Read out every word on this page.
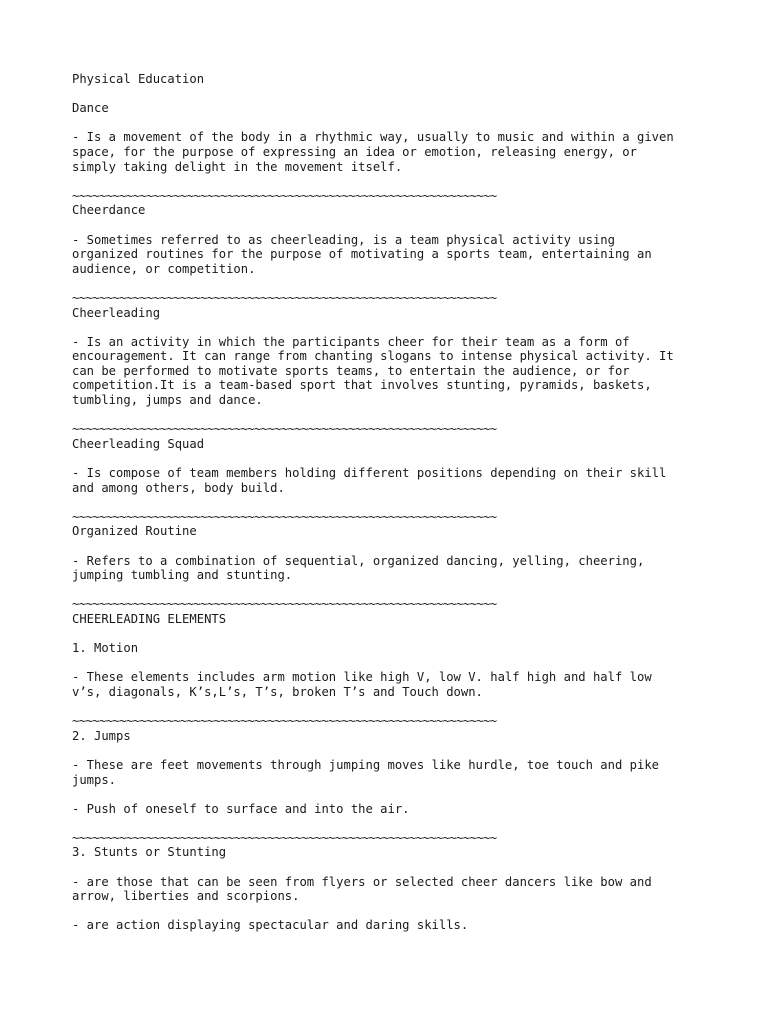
Physical Education
Dance
- Is a movement of the body in a rhythmic way, usually to music and within a given
space, for the purpose of expressing an idea or emotion, releasing energy, or
simply taking delight in the movement itself.
~~~~~~~~~~~~~~~~~~~~~~~~~~~~~~~~~~~~~~~~~~~~~~~~~~~~~~~~~~~~~~~
Cheerdance
- Sometimes referred to as cheerleading, is a team physical activity using
organized routines for the purpose of motivating a sports team, entertaining an
audience, or competition.
~~~~~~~~~~~~~~~~~~~~~~~~~~~~~~~~~~~~~~~~~~~~~~~~~~~~~~~~~~~~~~~
Cheerleading
- Is an activity in which the participants cheer for their team as a form of
encouragement. It can range from chanting slogans to intense physical activity. It
can be performed to motivate sports teams, to entertain the audience, or for
competition.It is a team-based sport that involves stunting, pyramids, baskets,
tumbling, jumps and dance.
~~~~~~~~~~~~~~~~~~~~~~~~~~~~~~~~~~~~~~~~~~~~~~~~~~~~~~~~~~~~~~~
Cheerleading Squad
- Is compose of team members holding different positions depending on their skill
and among others, body build.
~~~~~~~~~~~~~~~~~~~~~~~~~~~~~~~~~~~~~~~~~~~~~~~~~~~~~~~~~~~~~~~
Organized Routine
- Refers to a combination of sequential, organized dancing, yelling, cheering,
jumping tumbling and stunting.
~~~~~~~~~~~~~~~~~~~~~~~~~~~~~~~~~~~~~~~~~~~~~~~~~~~~~~~~~~~~~~~
CHEERLEADING ELEMENTS
1. Motion
- These elements includes arm motion like high V, low V. half high and half low
v’s, diagonals, K’s,L’s, T’s, broken T’s and Touch down.
~~~~~~~~~~~~~~~~~~~~~~~~~~~~~~~~~~~~~~~~~~~~~~~~~~~~~~~~~~~~~~~
2. Jumps
- These are feet movements through jumping moves like hurdle, toe touch and pike
jumps.
- Push of oneself to surface and into the air.
~~~~~~~~~~~~~~~~~~~~~~~~~~~~~~~~~~~~~~~~~~~~~~~~~~~~~~~~~~~~~~~
3. Stunts or Stunting
- are those that can be seen from flyers or selected cheer dancers like bow and
arrow, liberties and scorpions.
- are action displaying spectacular and daring skills.
